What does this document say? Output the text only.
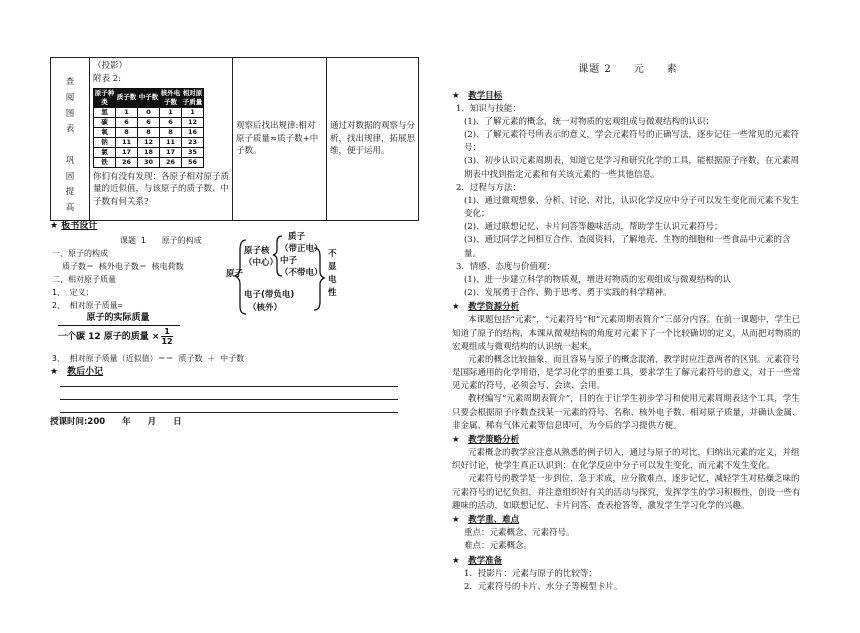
查
阅
图
表

巩
固
提
高

（投影）
附表 2:
原子种类	质子数	中子数	核外电子数	相对原子质量
氢	1	0	1	1
碳	6	6	6	12
氧	8	8	8	16
钠	11	12	11	23
氯	17	18	17	35
铁	26	30	26	56
你们有没有发现：各原子相对原子质量的近似值，与该原子的质子数、中子数有何关系?

观察后找出规律:相对原子质量≈质子数+中子数。

通过对数据的观察与分析，找出规律，拓展思维，便于运用。
★ 板书设计
课题 1　　原子的构成
一、原子的构成
质子数＝ 核外电子数＝ 核电荷数
二、相对原子质量
1、 定义：
2、 相对原子质量=
原子的实际质量
一个碳 12 原子的质量 × $\frac{1}{12}$
3、 相对原子质量（近似值）＝＝ 质子数 ＋ 中子数
原子
原子核
（中心）
质子
（带正电）
中子
（不带电）
电子(带负电)
（核外）
不
显
电
性
★　教后小记
授课时间:200　　年　　月　　日
课题 2　　元　　素
★　教学目标

1．知识与技能：

(1)、了解元素的概念，统一对物质的宏观组成与微观结构的认识；

(2)、了解元素符号所表示的意义，学会元素符号的正确写法，逐步记住一些常见的元素符号；

(3)、初步认识元素周期表，知道它是学习和研究化学的工具，能根据原子序数，在元素周期表中找到指定元素和有关该元素的一些其他信息。

2．过程与方法：

(1)、通过微观想象、分析、讨论、对比，认识化学反应中分子可以发生变化而元素不发生变化；

(2)、通过联想记忆、卡片问答等趣味活动，帮助学生认识元素符号；

(3)、通过同学之间相互合作、查阅资料，了解地壳、生物的细胞和一些食品中元素的含量。

3．情感、态度与价值观：

(1)、进一步建立科学的物质观，增进对物质的宏观组成与微观结构的认

(2)、发展勇于合作、勤于思考、勇于实践的科学精神。

★　教学资源分析

本课题包括“元素”，“元素符号”和“元素周期表简介”三部分内容。在前一课题中，学生已知道了原子的结构，本课从微观结构的角度对元素下了一个比较确切的定义，从而把对物质的宏观组成与微观结构的认识统一起来。

元素的概念比较抽象，而且容易与原子的概念混淆，教学时应注意两者的区别。元素符号是国际通用的化学用语，是学习化学的重要工具，要求学生了解元素符号的意义，对于一些常见元素的符号，必须会写、会读、会用。

教材编写“元素周期表简介”，目的在于让学生初步学习和使用元素周期表这个工具，学生只要会根据原子序数查找某一元素的符号、名称、核外电子数、相对原子质量，并确认金属、非金属、稀有气体元素等信息即可，为今后的学习提供方便。

★　教学策略分析

元素概念的教学应注意从熟悉的例子切入，通过与原子的对比，归纳出元素的定义，并组织好讨论，使学生真正认识到：在化学反应中分子可以发生变化，而元素不发生变化。

元素符号的教学是一步到位、急于求成，应分散难点，逐步记忆，减轻学生对枯燥乏味的元素符号的记忆负担，并注意组织好有关的活动与探究，发挥学生的学习积极性，创设一些有趣味的活动，如联想记忆、卡片问答、查表抢答等，激发学生学习化学的兴趣。

★　教学重、难点

重点：元素概念、元素符号。

难点：元素概念。

★　教学准备

1．投影片：元素与原子的比较等；

2．元素符号的卡片、水分子等模型卡片。
